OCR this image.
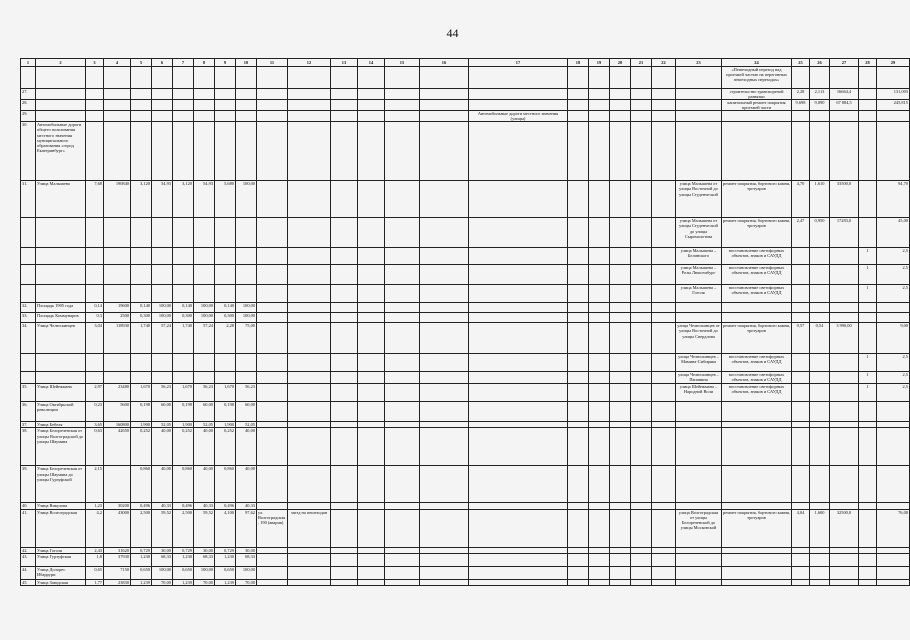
44
1	2	3	4	5	6	7	8	9	10	11	12	13	14	15	16	17	18	19	20	21	22	23	24	25	26	27	28	29
																							«Пешеходный переход над проезжей частью на перегонных пешеходных переходах»					
27.																							строительство транспортной развязки	2,28	2,113	16664,4		131,003
28.																							капитальный ремонт покрытия проезжей части	9,698	9,090	67 884,5		245,815
29.																Автомобильные дороги местного значения (улицы)												
30.	Автомобильные дороги общего пользования местного значения муниципального образования «город Екатеринбург»																											
31.	Улица Малышева	7,68	190840	3,120	54,93	3,120	54,93	5,680	100,00													улица Малышева от улицы Восточной до улицы Студенческой	ремонт покрытия, бортового камня, тротуаров	4,70	1,610	33500,0		94,70
																						улица Малышева от улицы Студенческой до улицы Сыромолотова	ремонт покрытия, бортового камня, тротуаров	2,47	0,950	17283,0		45,00
																						улица Малышева – Белинского	восстановление светофорных объектов, знаков и САУДД				1	2,5
																						улица Малышева – Розы Люксембург	восстановление светофорных объектов, знаков и САУДД				1	2,5
																						улица Малышева – Гоголя	восстановление светофорных объектов, знаков и САУДД				1	2,5
32.	Площадь 1905 года	0,14	19600	0,140	100,00	0,140	100,00	0,140	100,00																			
33.	Площадь Коммунаров	0,3	2500	0,300	100,00	0,300	100,00	0,300	100,00																			
34.	Улица Челюскинцев	3,04	118930	1,740	57,24	1,740	57,24	2,28	75,00													улица Челюскинцев от улицы Восточной до улицы Свердлова	ремонт покрытия, бортового камня, тротуаров	0,57	0,54	3 990,00		9,00
																						улица Челюскинцев – Мамина-Сибиряка	восстановление светофорных объектов, знаков и САУДД				1	2,5
																						улица Челюскинцев – Папанина	восстановление светофорных объектов, знаков и САУДД				1	2,5
35.	Улица Шейнкмана	2,97	23480	1,670	56,23	1,670	56,23	1,670	56,23													улица Шейнкмана – Народной Воли	восстановление светофорных объектов, знаков и САУДД				1	2,5
36.	Улица Октябрьской революции	0,23	5600	0,198	60,00	0,198	60,00	0,198	60,00																			
37.	Улица Бебеля	3,65	160800	1,900	52,05	1,900	52,05	1,900	52,05																			
38.	Улица Белореченская от улицы Волгоградской до улицы Шаумяна	0,63	42650	0,252	40,00	0,252	40,00	0,252	40,00																			
39.	Улица Белореченская от улицы Шаумяна до улицы Гурзуфской	2,15		0,860	40,00	0,860	40,00	0,860	40,00																			
40.	Улица Викулова	1,23	30200	0,496	40,33	0,496	40,33	0,496	40,33																			
41.	Улица Волгоградская	4,2	43000	2,500	59,52	2,500	59,52	4,100	97,62	ул. Волгоградская, 190 (авария)	заезд на пешеходов											улица Волгоградская от улицы Белореченской до улицы Московской	ремонт покрытия, бортового камня, тротуаров	4,04	1,600	32500,0		76,00
42.	Улица Гоголя	2,43	31620	0,729	30,00	0,729	30,00	0,729	30,00																			
43.	Улица Гурзуфская	1,8	37930	1,230	68,33	1,230	68,33	1,230	68,33																			
44.	Улица Долорес Ибаррури	0,65	7150	0,650	100,00	0,650	100,00	0,650	100,00																			
45.	Улица Заводская	1,77	23830	1,239	70,00	1,239	70,00	1,239	70,00																			
